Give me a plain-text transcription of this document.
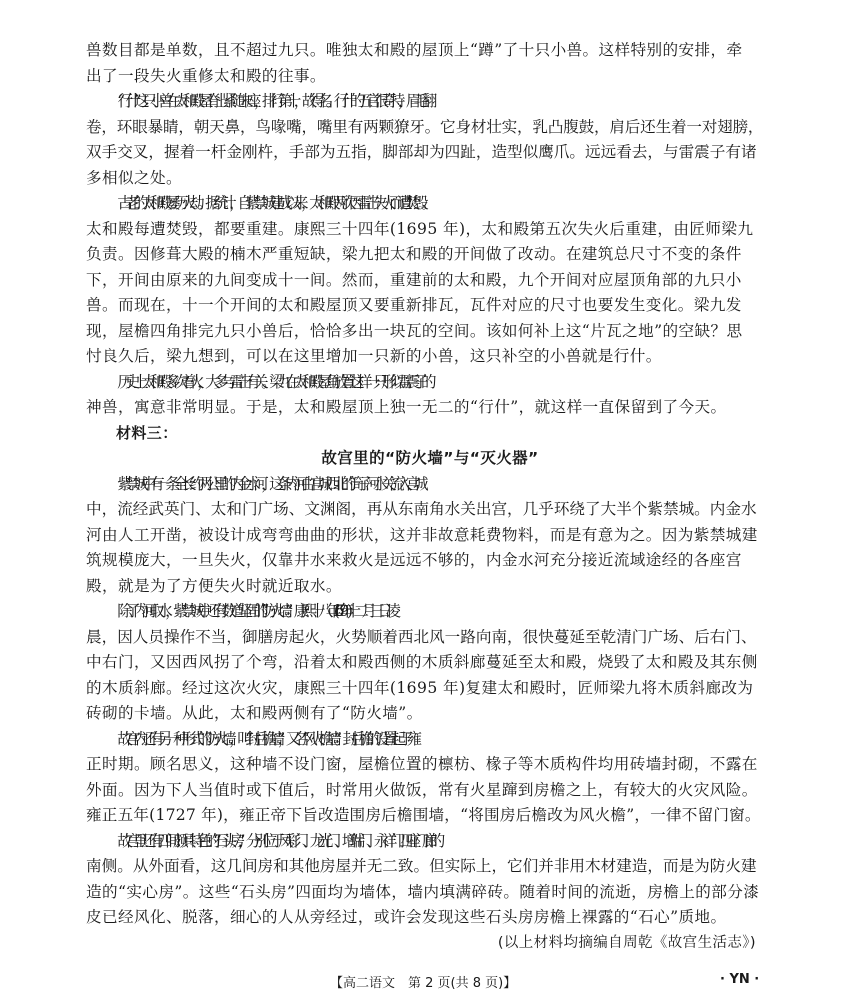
兽数目都是单数，且不超过九只。唯独太和殿的屋顶上“蹲”了十只小兽。这样特别的安排，牵
出了一段失火重修太和殿的往事。

“行什”这只小兽在太和殿屋脊上紧随末座，排行第十，故得名。行什的五官很奇特，眉毛翻
卷，环眼暴睛，朝天鼻，鸟喙嘴，嘴里有两颗獠牙。它身材壮实，乳凸腹鼓，肩后还生着一对翅膀，
双手交叉，握着一杆金刚杵，手部为五指，脚部却为四趾，造型似鹰爪。远远看去，与雷震子有诸
多相似之处。

古老的太和殿屡历火劫。据统计，自紫禁城建成以来，太和殿两次因雷击失火而遭焚毁。
太和殿每遭焚毁，都要重建。康熙三十四年(1695 年)，太和殿第五次失火后重建，由匠师梁九
负责。因修葺大殿的楠木严重短缺，梁九把太和殿的开间做了改动。在建筑总尺寸不变的条件
下，开间由原来的九间变成十一间。然而，重建前的太和殿，九个开间对应屋顶角部的九只小
兽。而现在，十一个开间的太和殿屋顶又要重新排瓦，瓦件对应的尺寸也要发生变化。梁九发
现，屋檐四角排完九只小兽后，恰恰多出一块瓦的空间。该如何补上这“片瓦之地”的空缺？思
忖良久后，梁九想到，可以在这里增加一只新的小兽，这只补空的小兽就是行什。

历史上太和殿多次着火，大多与雷击有关。梁九在太和殿屋角放置这样一只形似雷震子的
神兽，寓意非常明显。于是，太和殿屋顶上独一无二的“行什”，就这样一直保留到了今天。

材料三：

故宫里的“防火墙”与“灭火器”

紫禁城中有一条全长约两公里的内金水河，这条内河由宫城西北的筒子河水关流入宫城
中，流经武英门、太和门广场、文渊阁，再从东南角水关出宫，几乎环绕了大半个紫禁城。内金水
河由人工开凿，被设计成弯弯曲曲的形状，这并非故意耗费物料，而是有意为之。因为紫禁城建
筑规模庞大，一旦失火，仅靠井水来救火是远远不够的，内金水河充分接近流域途经的各座宫
殿，就是为了方便失火时就近取水。

除了内河取水，紫禁城中还有数道坚固的“防火墙”。康熙十八年(1679 年)十二月三日凌
晨，因人员操作不当，御膳房起火，火势顺着西北风一路向南，很快蔓延至乾清门广场、后右门、
中右门，又因西风拐了个弯，沿着太和殿西侧的木质斜廊蔓延至太和殿，烧毁了太和殿及其东侧
的木质斜廊。经过这次火灾，康熙三十四年(1695 年)复建太和殿时，匠师梁九将木质斜廊改为
砖砌的卡墙。从此，太和殿两侧有了“防火墙”。

故宫内还有另一种形式的防火墙，叫“封后檐墙”，又名“风火檐墙”。封后檐的设置起于雍
正时期。顾名思义，这种墙不设门窗，屋檐位置的檩枋、椽子等木质构件均用砖墙封砌，不露在
外面。因为下人当值时或下值后，时常用火做饭，常有火星蹿到房檐之上，有较大的火灾风险。
雍正五年(1727 年)，雍正帝下旨改造围房后檐围墙，“将围房后檐改为风火檐”，一律不留门窗。

故宫里还有四间颇具特色的“石头房”，分别位于凤彩门、龙光门、增瑞门、永祥门四座门廊的
南侧。从外面看，这几间房和其他房屋并无二致。但实际上，它们并非用木材建造，而是为防火建
造的“实心房”。这些“石头房”四面均为墙体，墙内填满碎砖。随着时间的流逝，房檐上的部分漆
皮已经风化、脱落，细心的人从旁经过，或许会发现这些石头房房檐上裸露的“石心”质地。

(以上材料均摘编自周乾《故宫生活志》)

【高二语文　第 2 页(共 8 页)】	· YN ·
